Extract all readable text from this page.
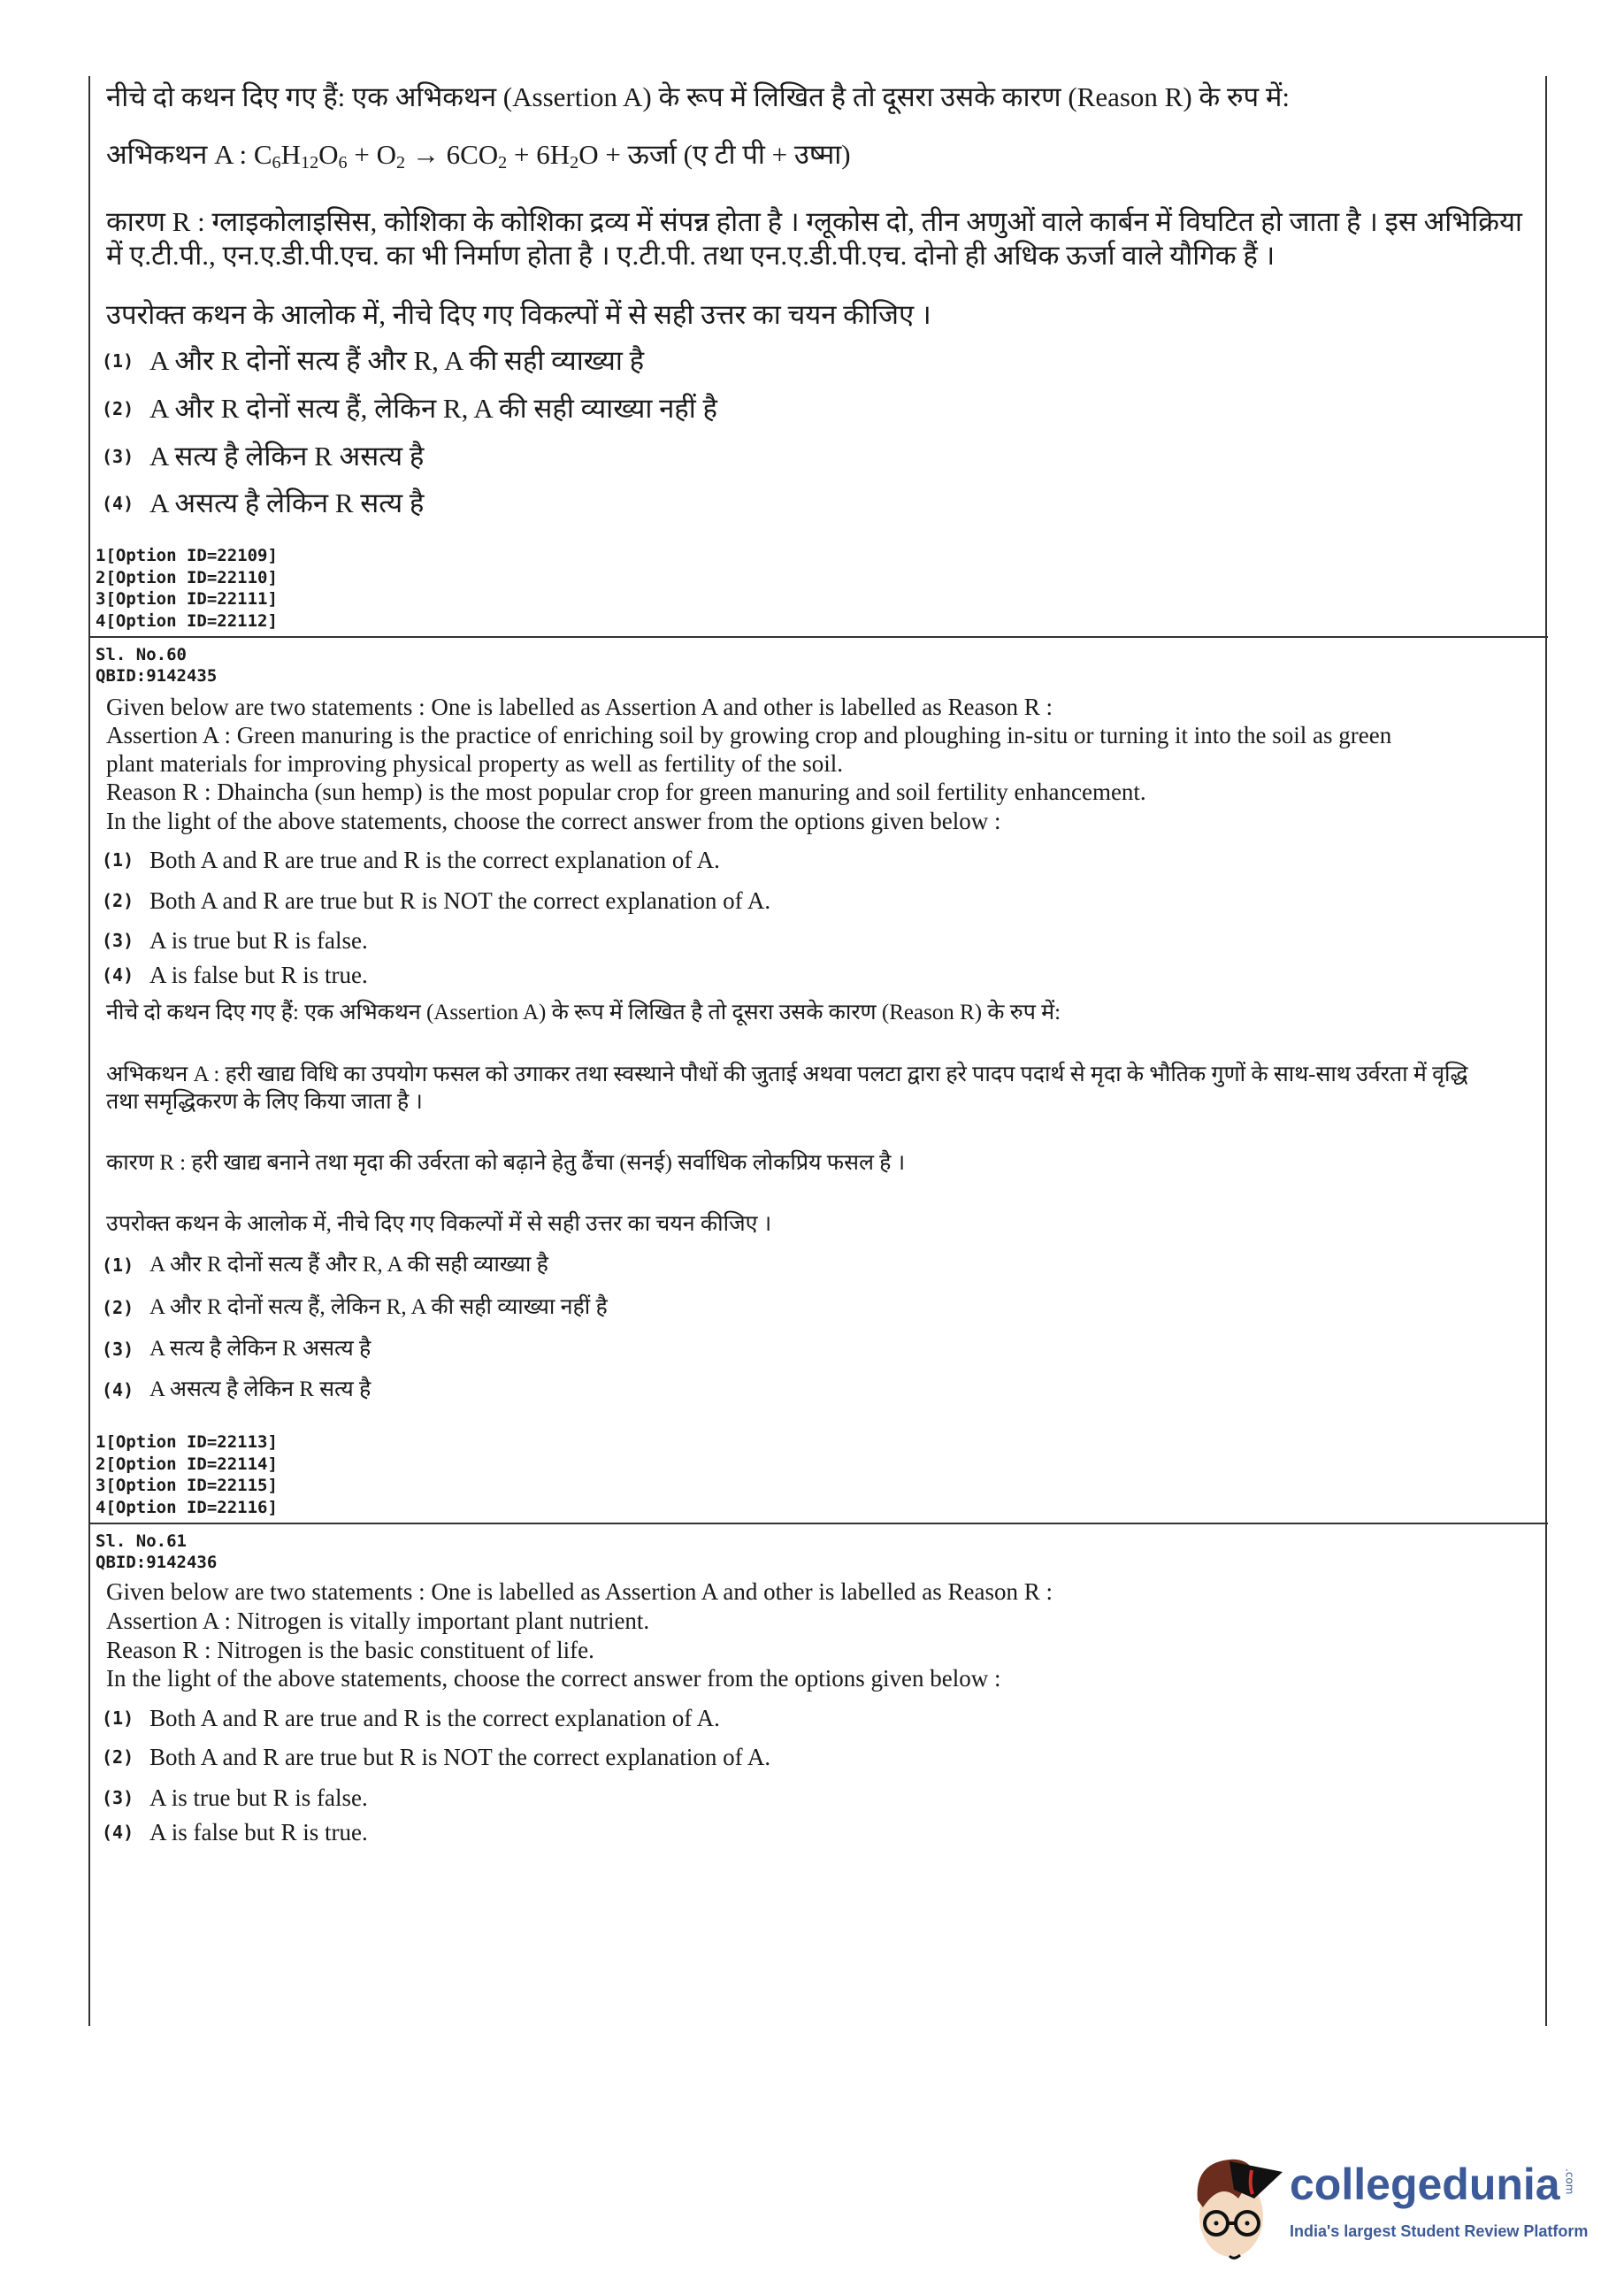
नीचे दो कथन दिए गए हैं: एक अभिकथन (Assertion A) के रूप में लिखित है तो दूसरा उसके कारण (Reason R) के रुप में:
अभिकथन A : $C_6H_{12}O_6 + O_2 \to 6CO_2 + 6H_2O$ + ऊर्जा (ए टी पी + उष्मा)
कारण R : ग्लाइकोलाइसिस, कोशिका के कोशिका द्रव्य में संपन्न होता है । ग्लूकोस दो, तीन अणुओं वाले कार्बन में विघटित हो जाता है । इस अभिक्रिया
में ए.टी.पी., एन.ए.डी.पी.एच. का भी निर्माण होता है । ए.टी.पी. तथा एन.ए.डी.पी.एच. दोनो ही अधिक ऊर्जा वाले यौगिक हैं ।
उपरोक्त कथन के आलोक में, नीचे दिए गए विकल्पों में से सही उत्तर का चयन कीजिए ।
(1) A और R दोनों सत्य हैं और R, A की सही व्याख्या है
(2) A और R दोनों सत्य हैं, लेकिन R, A की सही व्याख्या नहीं है
(3) A सत्य है लेकिन R असत्य है
(4) A असत्य है लेकिन R सत्य है
1[Option ID=22109]
2[Option ID=22110]
3[Option ID=22111]
4[Option ID=22112]
Sl. No.60
QBID:9142435
Given below are two statements : One is labelled as Assertion A and other is labelled as Reason R :
Assertion A : Green manuring is the practice of enriching soil by growing crop and ploughing in-situ or turning it into the soil as green
plant materials for improving physical property as well as fertility of the soil.
Reason R : Dhaincha (sun hemp) is the most popular crop for green manuring and soil fertility enhancement.
In the light of the above statements, choose the correct answer from the options given below :
(1) Both A and R are true and R is the correct explanation of A.
(2) Both A and R are true but R is NOT the correct explanation of A.
(3) A is true but R is false.
(4) A is false but R is true.
नीचे दो कथन दिए गए हैं: एक अभिकथन (Assertion A) के रूप में लिखित है तो दूसरा उसके कारण (Reason R) के रुप में:
अभिकथन A : हरी खाद्य विधि का उपयोग फसल को उगाकर तथा स्वस्थाने पौधों की जुताई अथवा पलटा द्वारा हरे पादप पदार्थ से मृदा के भौतिक गुणों के साथ-साथ उर्वरता में वृद्धि
तथा समृद्धिकरण के लिए किया जाता है ।
कारण R : हरी खाद्य बनाने तथा मृदा की उर्वरता को बढ़ाने हेतु ढैंचा (सनई) सर्वाधिक लोकप्रिय फसल है ।
उपरोक्त कथन के आलोक में, नीचे दिए गए विकल्पों में से सही उत्तर का चयन कीजिए ।
(1) A और R दोनों सत्य हैं और R, A की सही व्याख्या है
(2) A और R दोनों सत्य हैं, लेकिन R, A की सही व्याख्या नहीं है
(3) A सत्य है लेकिन R असत्य है
(4) A असत्य है लेकिन R सत्य है
1[Option ID=22113]
2[Option ID=22114]
3[Option ID=22115]
4[Option ID=22116]
Sl. No.61
QBID:9142436
Given below are two statements : One is labelled as Assertion A and other is labelled as Reason R :
Assertion A : Nitrogen is vitally important plant nutrient.
Reason R : Nitrogen is the basic constituent of life.
In the light of the above statements, choose the correct answer from the options given below :
(1) Both A and R are true and R is the correct explanation of A.
(2) Both A and R are true but R is NOT the correct explanation of A.
(3) A is true but R is false.
(4) A is false but R is true.
collegedunia .com
India's largest Student Review Platform
